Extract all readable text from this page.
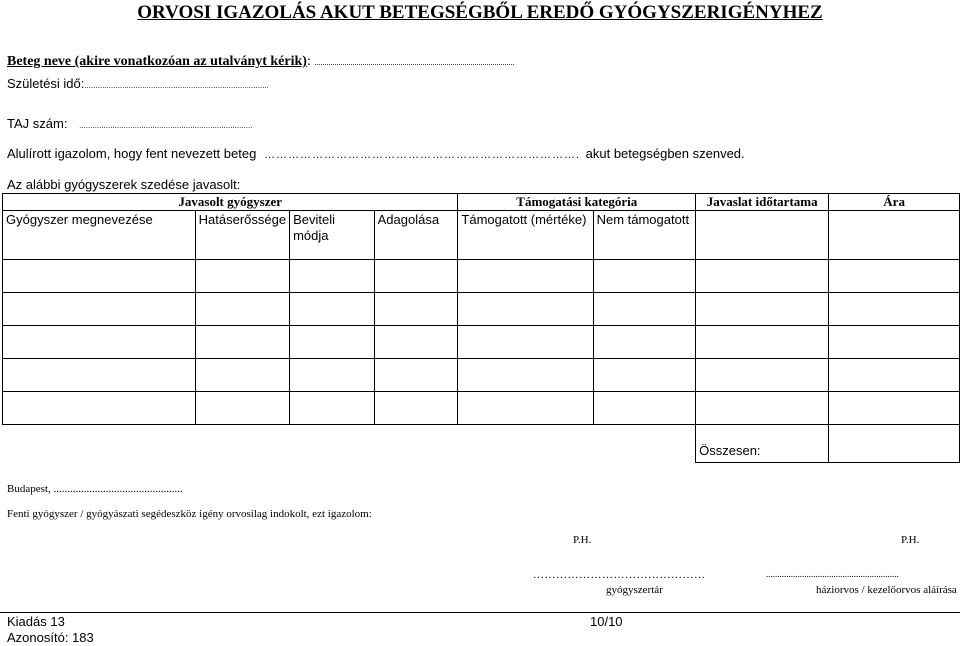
ORVOSI IGAZOLÁS AKUT BETEGSÉGBŐL EREDŐ GYÓGYSZERIGÉNYHEZ
Beteg neve (akire vonatkozóan az utalványt kérik): ....................................................................................................
Születési idő:...................................................................................
TAJ szám: ..............................................................................
Alulírott igazolom, hogy fent nevezett beteg ……………………………………………………………………. akut betegségben szenved.
Az alábbi gyógyszerek szedése javasolt:
Javasolt gyógyszer				Támogatási kategória		Javaslat időtartama	Ára
Gyógyszer megnevezése	Hatáserőssége	Beviteli módja	Adagolása	Támogatott (mértéke)	Nem támogatott		

						Összesen:	
Budapest, ...............................................
Fenti gyógyszer / gyógyászati segédeszköz igény orvosilag indokolt, ezt igazolom:
P.H.	P.H.
………………………………………
gyógyszertár
...........................................................
háziorvos / kezelőorvos aláírása
Kiadás 13
Azonosító: 183
10/10
